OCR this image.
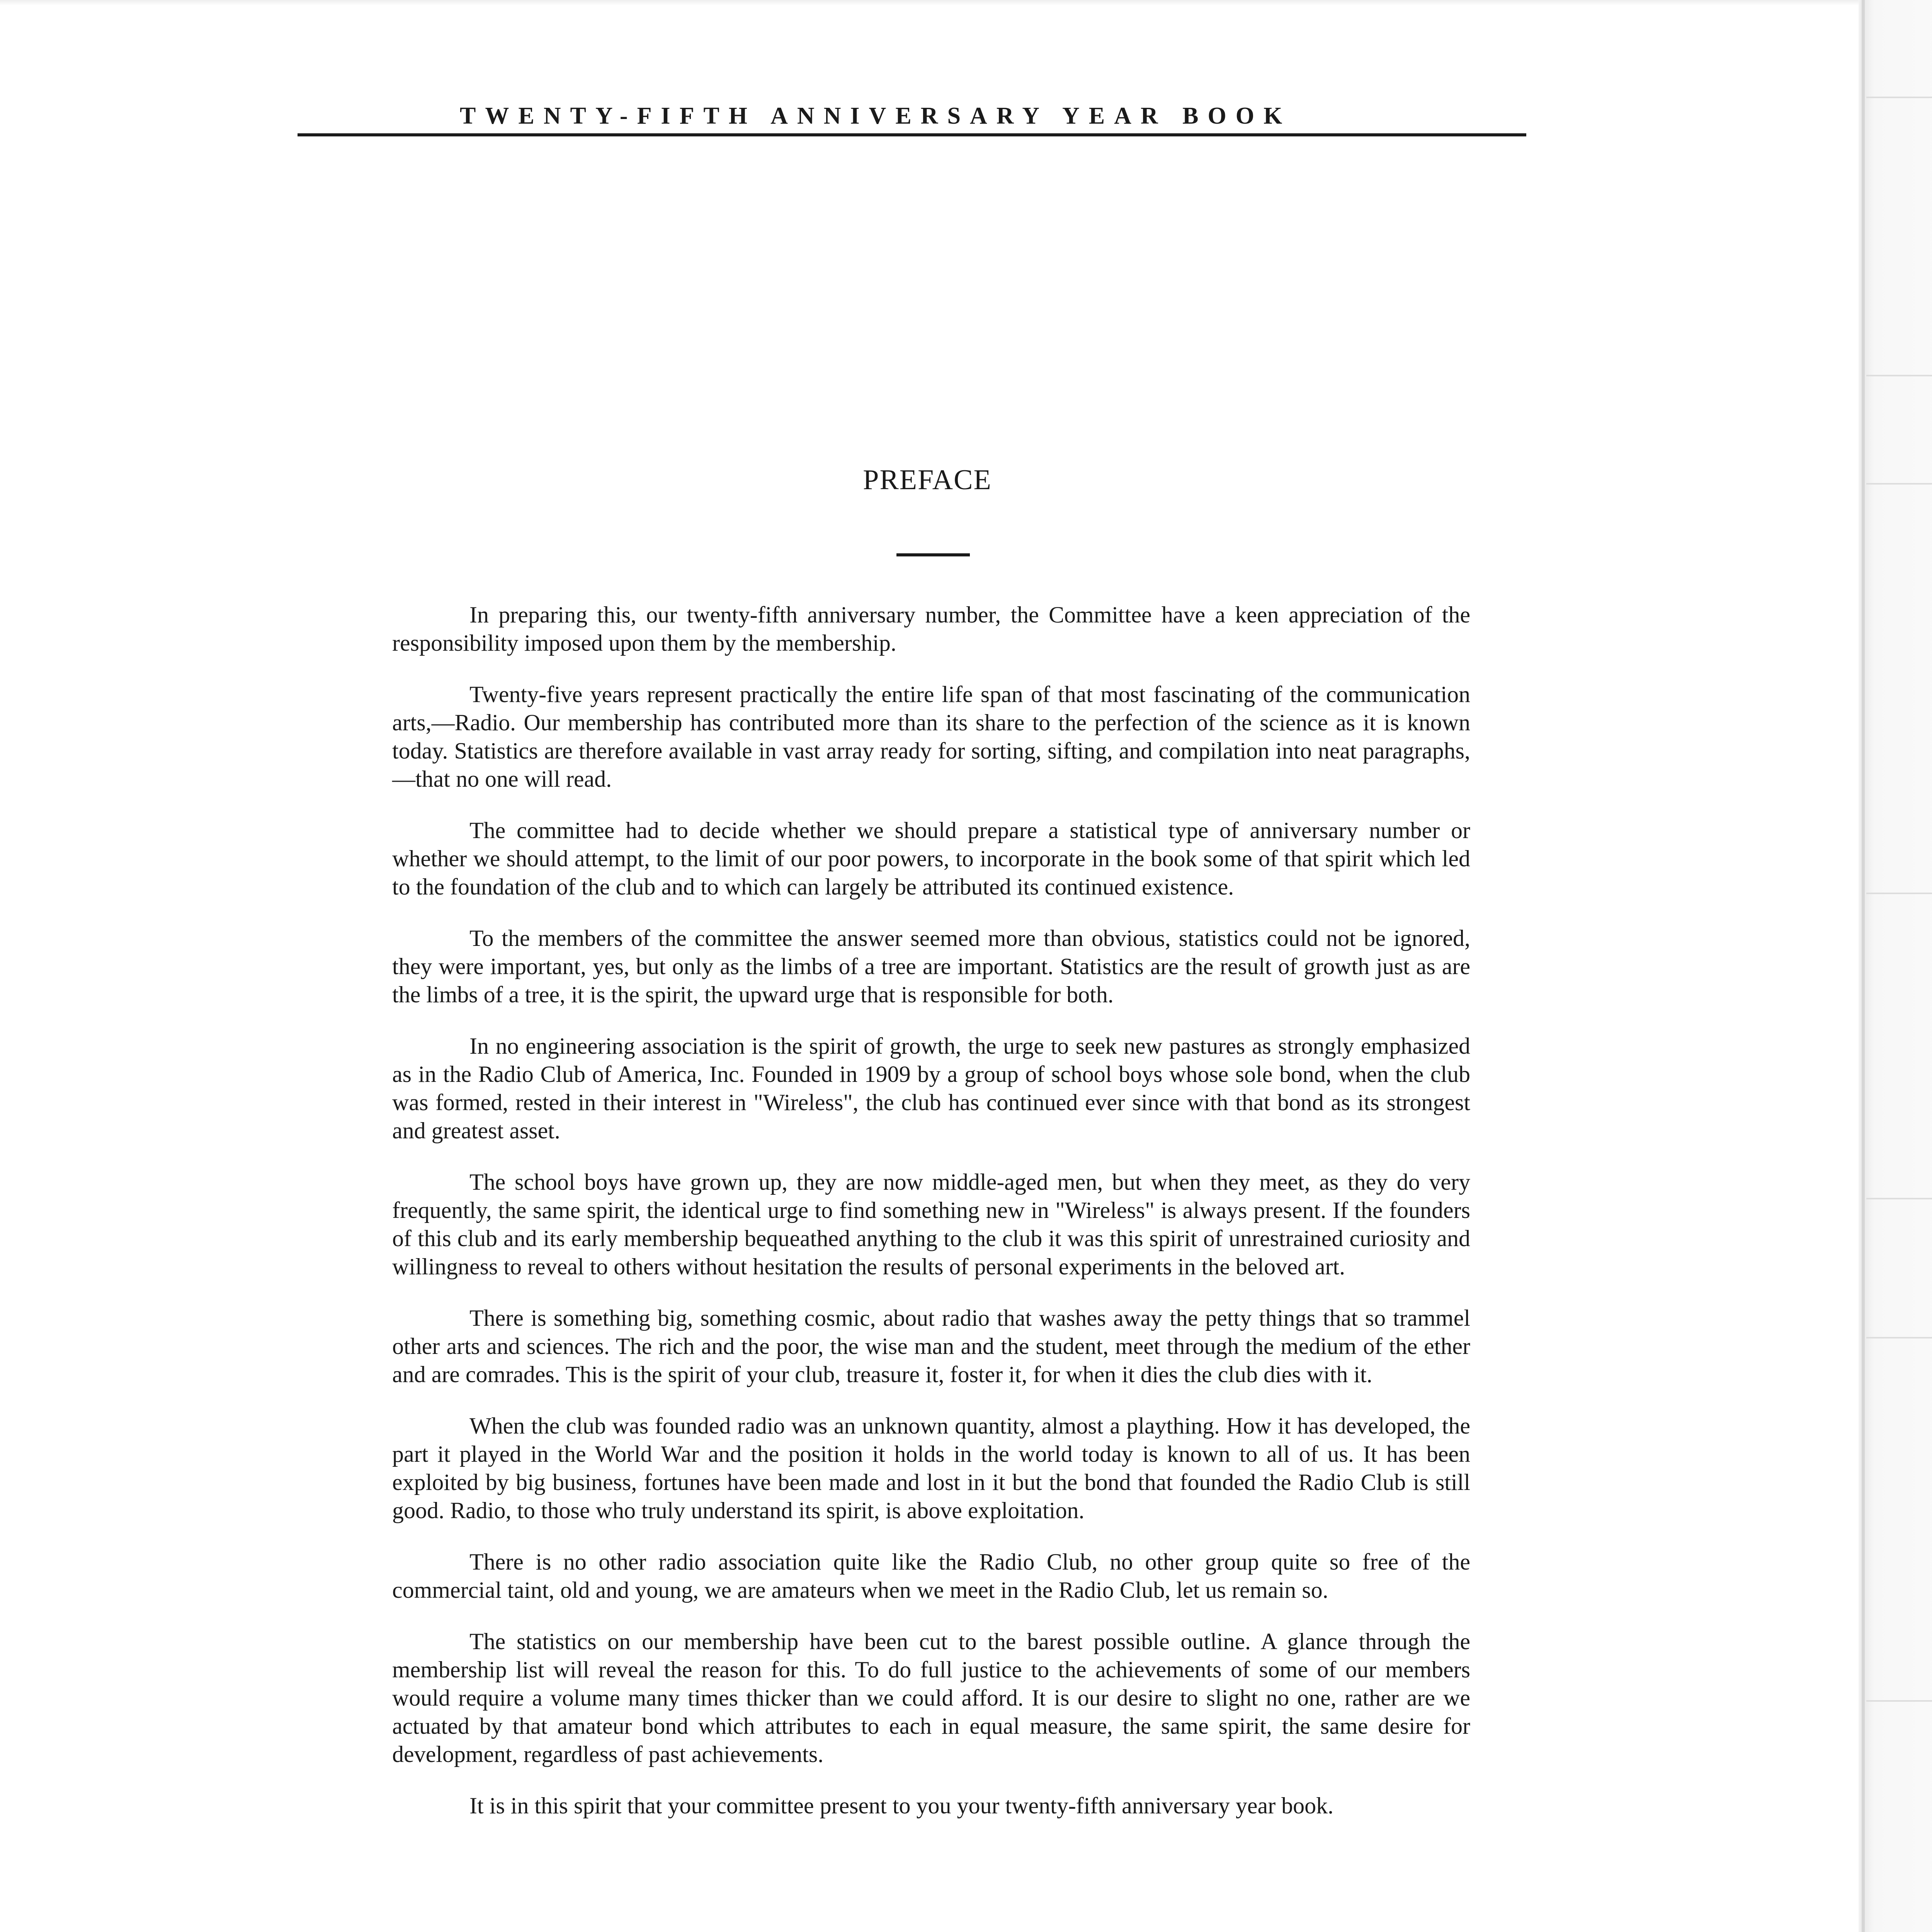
TWENTY-FIFTH ANNIVERSARY YEAR BOOK
PREFACE

In preparing this, our twenty-fifth anniversary number, the Committee have a keen appreciation of the responsibility imposed upon them by the membership.

Twenty-five years represent practically the entire life span of that most fascinating of the communication arts,—Radio. Our membership has contributed more than its share to the perfection of the science as it is known today. Statistics are therefore available in vast array ready for sorting, sifting, and compilation into neat paragraphs,—that no one will read.

The committee had to decide whether we should prepare a statistical type of anniversary number or whether we should attempt, to the limit of our poor powers, to incorporate in the book some of that spirit which led to the foundation of the club and to which can largely be attributed its continued existence.

To the members of the committee the answer seemed more than obvious, statistics could not be ignored, they were important, yes, but only as the limbs of a tree are important. Statistics are the result of growth just as are the limbs of a tree, it is the spirit, the upward urge that is responsible for both.

In no engineering association is the spirit of growth, the urge to seek new pastures as strongly emphasized as in the Radio Club of America, Inc. Founded in 1909 by a group of school boys whose sole bond, when the club was formed, rested in their interest in "Wireless", the club has continued ever since with that bond as its strongest and greatest asset.

The school boys have grown up, they are now middle-aged men, but when they meet, as they do very frequently, the same spirit, the identical urge to find something new in "Wireless" is always present. If the founders of this club and its early membership bequeathed anything to the club it was this spirit of unrestrained curiosity and willingness to reveal to others without hesitation the results of personal experiments in the beloved art.

There is something big, something cosmic, about radio that washes away the petty things that so trammel other arts and sciences. The rich and the poor, the wise man and the student, meet through the medium of the ether and are comrades. This is the spirit of your club, treasure it, foster it, for when it dies the club dies with it.

When the club was founded radio was an unknown quantity, almost a plaything. How it has developed, the part it played in the World War and the position it holds in the world today is known to all of us. It has been exploited by big business, fortunes have been made and lost in it but the bond that founded the Radio Club is still good. Radio, to those who truly understand its spirit, is above exploitation.

There is no other radio association quite like the Radio Club, no other group quite so free of the commercial taint, old and young, we are amateurs when we meet in the Radio Club, let us remain so.

The statistics on our membership have been cut to the barest possible outline. A glance through the membership list will reveal the reason for this. To do full justice to the achievements of some of our members would require a volume many times thicker than we could afford. It is our desire to slight no one, rather are we actuated by that amateur bond which attributes to each in equal measure, the same spirit, the same desire for development, regardless of past achievements.

It is in this spirit that your committee present to you your twenty-fifth anniversary year book.
